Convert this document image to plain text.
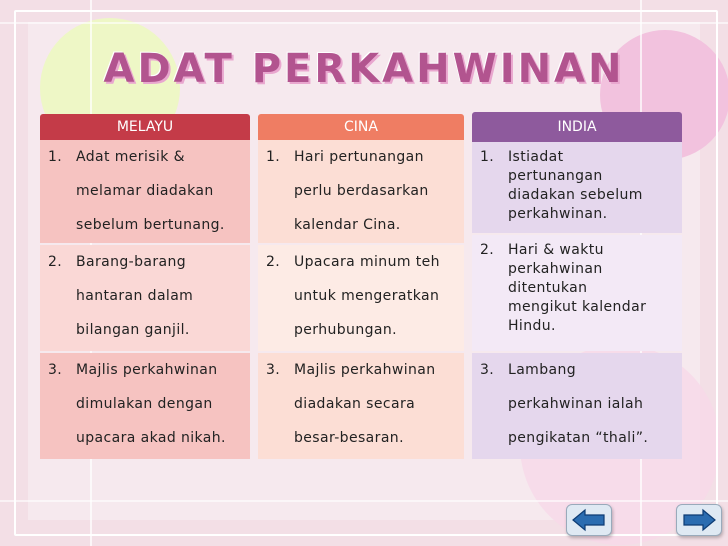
ADAT PERKAHWINAN
MELAYU
1. Adat merisik &
melamar diadakan
sebelum bertunang.
2. Barang-barang
hantaran dalam
bilangan ganjil.
3. Majlis perkahwinan
dimulakan dengan
upacara akad nikah.
CINA
1. Hari pertunangan
perlu berdasarkan
kalendar Cina.
2. Upacara minum teh
untuk mengeratkan
perhubungan.
3. Majlis perkahwinan
diadakan secara
besar-besaran.
INDIA
1. Istiadat
pertunangan
diadakan sebelum
perkahwinan.
2. Hari & waktu
perkahwinan
ditentukan
mengikut kalendar
Hindu.
3. Lambang
perkahwinan ialah
pengikatan “thali”.
